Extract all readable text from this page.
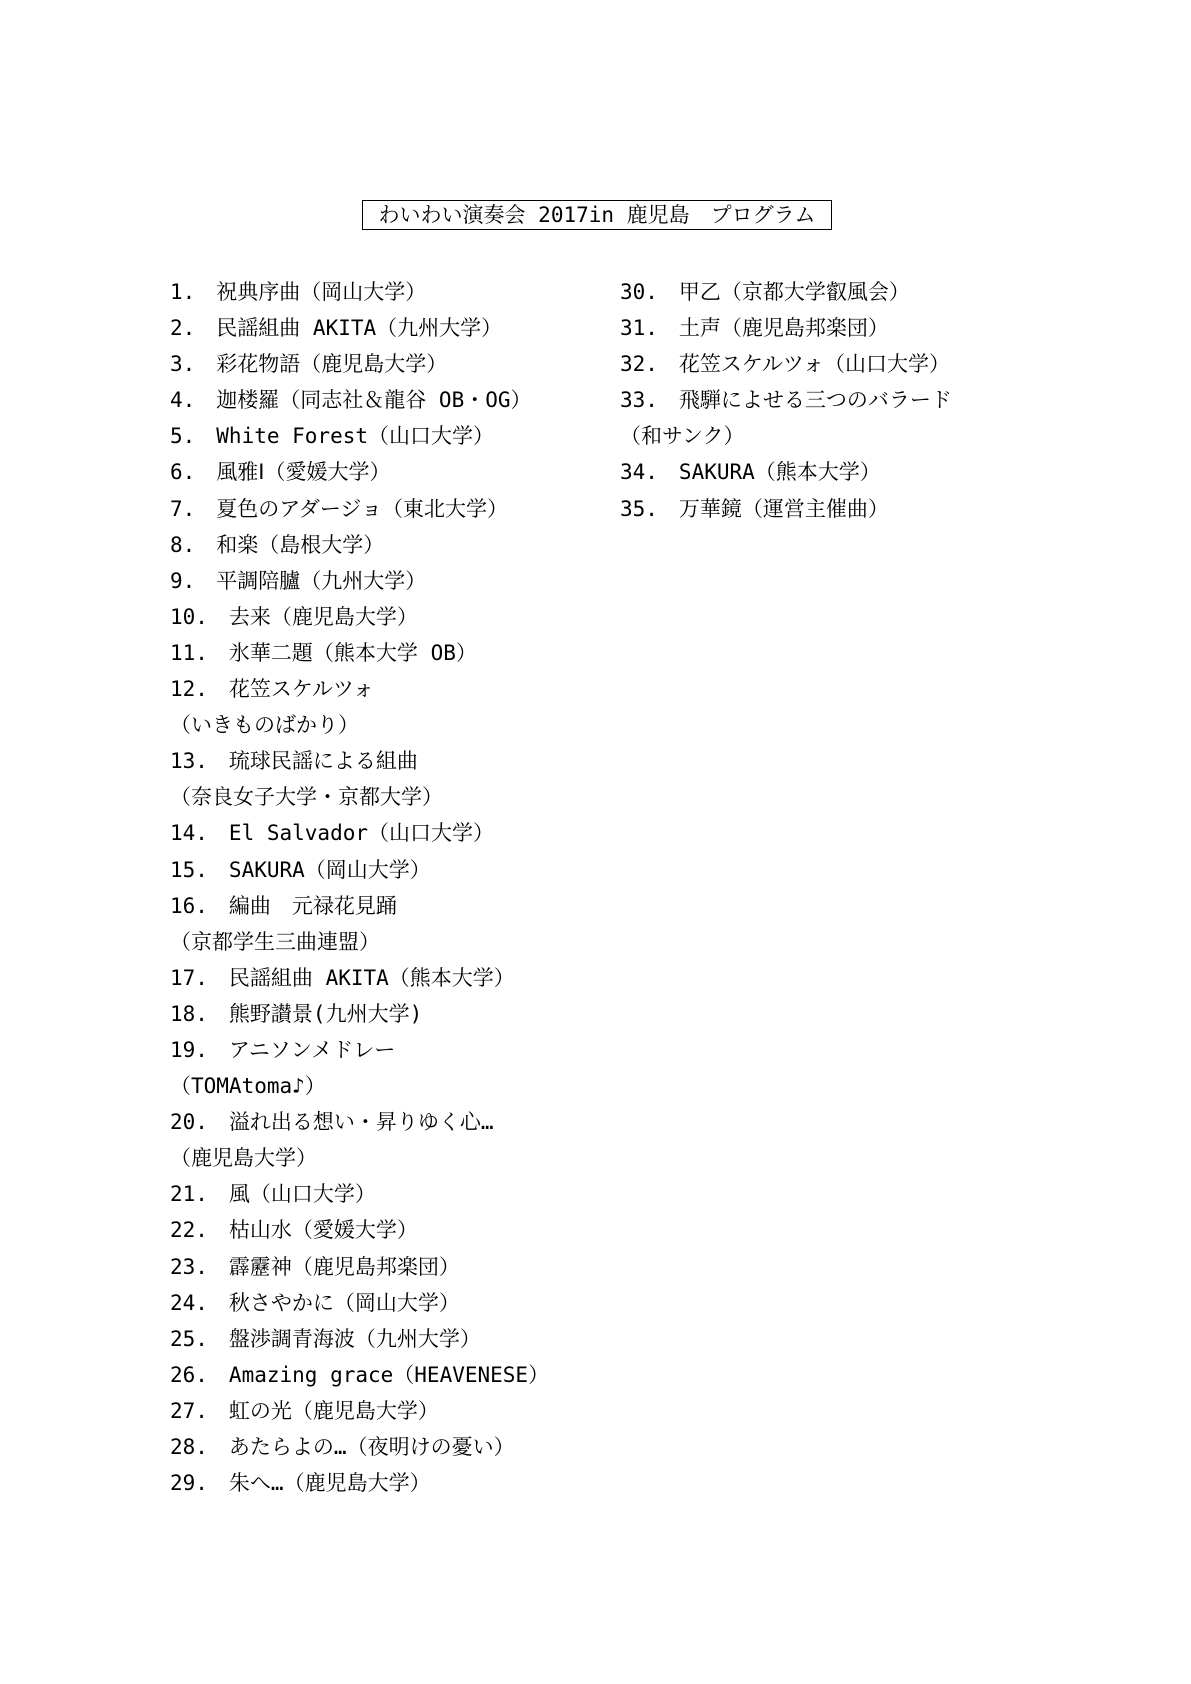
わいわい演奏会 2017in 鹿児島　プログラム
1.　祝典序曲（岡山大学）
2.　民謡組曲 AKITA（九州大学）
3.　彩花物語（鹿児島大学）
4.　迦楼羅（同志社＆龍谷 OB・OG）
5.　White Forest（山口大学）
6.　風雅Ⅰ（愛媛大学）
7.　夏色のアダージョ（東北大学）
8.　和楽（島根大学）
9.　平調陪臚（九州大学）
10.　去来（鹿児島大学）
11.　氷華二題（熊本大学 OB）
12.　花笠スケルツォ
（いきものばかり）
13.　琉球民謡による組曲
（奈良女子大学・京都大学）
14.　El Salvador（山口大学）
15.　SAKURA（岡山大学）
16.　編曲　元禄花見踊
（京都学生三曲連盟）
17.　民謡組曲 AKITA（熊本大学）
18.　熊野讃景(九州大学)
19.　アニソンメドレー
（TOMAtoma♪）
20.　溢れ出る想い・昇りゆく心…
（鹿児島大学）
21.　風（山口大学）
22.　枯山水（愛媛大学）
23.　霹靂神（鹿児島邦楽団）
24.　秋さやかに（岡山大学）
25.　盤渉調青海波（九州大学）
26.　Amazing grace（HEAVENESE）
27.　虹の光（鹿児島大学）
28.　あたらよの…（夜明けの憂い）
29.　朱へ…（鹿児島大学）
30.　甲乙（京都大学叡風会）
31.　土声（鹿児島邦楽団）
32.　花笠スケルツォ（山口大学）
33.　飛騨によせる三つのバラード
（和サンク）
34.　SAKURA（熊本大学）
35.　万華鏡（運営主催曲）
